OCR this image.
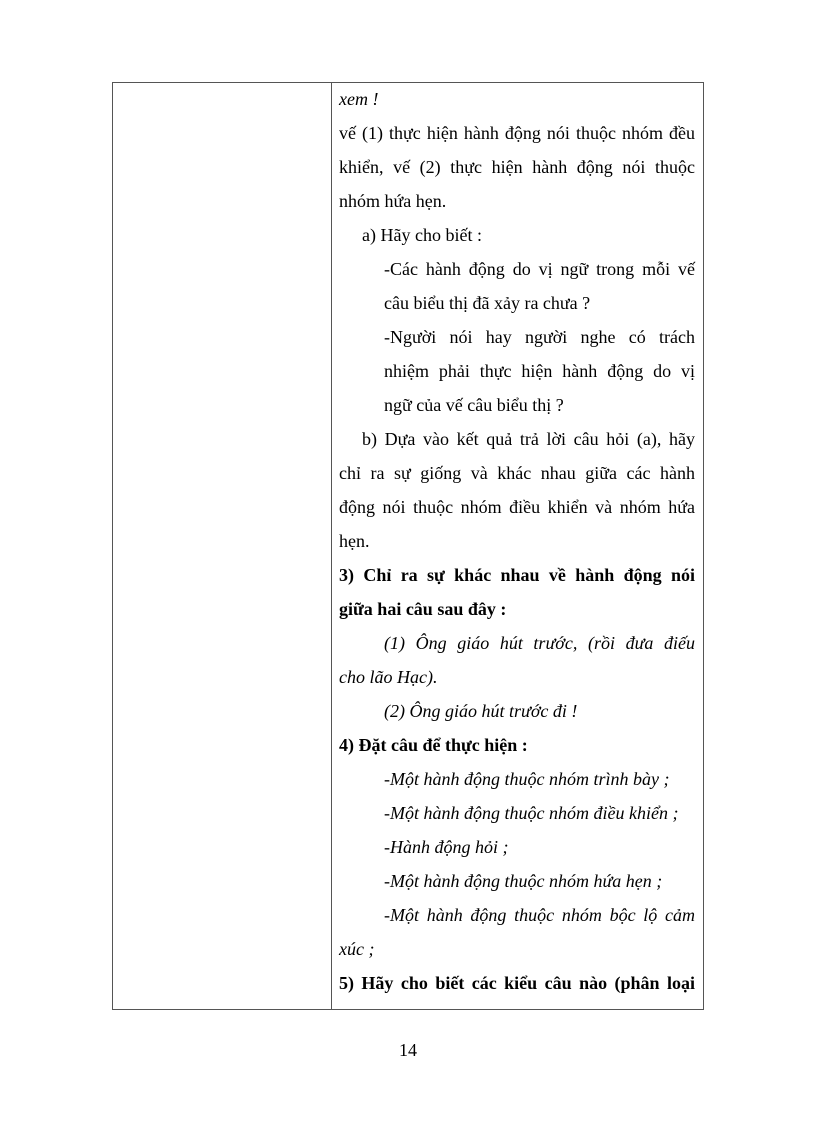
xem !
vế (1) thực hiện hành động nói thuộc nhóm đều
khiển, vế (2) thực hiện hành động nói thuộc
nhóm hứa hẹn.
a) Hãy cho biết :
-Các hành động do vị ngữ trong mỗi vế
câu biểu thị đã xảy ra chưa ?
-Người nói hay người nghe có trách
nhiệm phải thực hiện hành động do vị
ngữ của vế câu biểu thị ?
b) Dựa vào kết quả trả lời câu hỏi (a), hãy
chỉ ra sự giống và khác nhau giữa các hành
động nói thuộc nhóm điều khiển và nhóm hứa
hẹn.
3) Chỉ ra sự khác nhau về hành động nói
giữa hai câu sau đây :
(1) Ông giáo hút trước, (rồi đưa điếu
cho lão Hạc).
(2) Ông giáo hút trước đi !
4) Đặt câu để thực hiện :
-Một hành động thuộc nhóm trình bày ;
-Một hành động thuộc nhóm điều khiển ;
-Hành động hỏi ;
-Một hành động thuộc nhóm hứa hẹn ;
-Một hành động thuộc nhóm bộc lộ cảm
xúc ;
5) Hãy cho biết các kiểu câu nào (phân loại
14
